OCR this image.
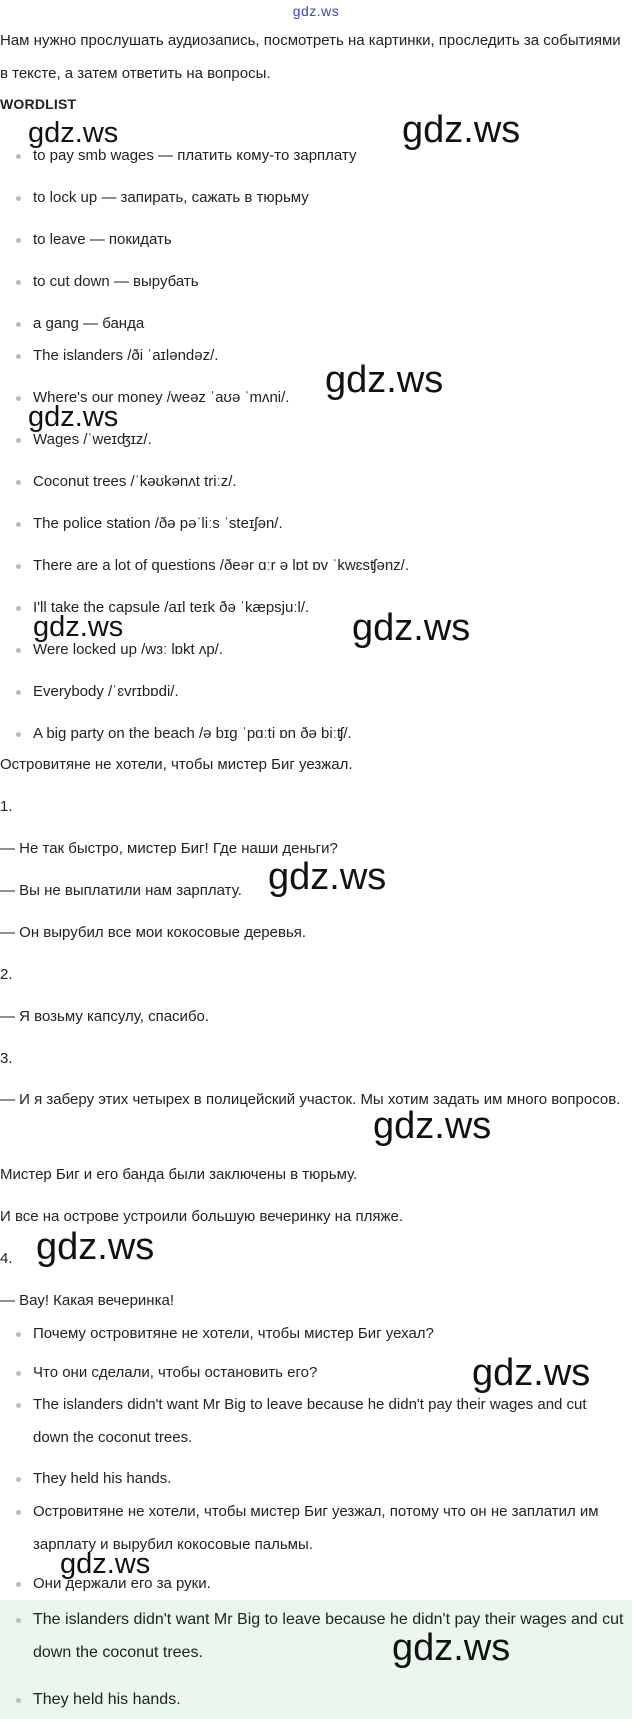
gdz.ws
Нам нужно прослушать аудиозапись, посмотреть на картинки, проследить за событиями в тексте, а затем ответить на вопросы.
WORDLIST
to pay smb wages — платить кому-то зарплату
to lock up — запирать, сажать в тюрьму
to leave — покидать
to cut down — вырубать
a gang — банда
The islanders /ði ˈaɪləndəz/.
Where's our money /weəz ˈaʊə ˈmʌni/.
Wages /ˈweɪʤɪz/.
Coconut trees /ˈkəʊkənʌt triːz/.
The police station /ðə pəˈliːs ˈsteɪʃən/.
There are a lot of questions /ðeər ɑːr ə lɒt ɒv ˈkwɛsʧənz/.
I'll take the capsule /aɪl teɪk ðə ˈkæpsjuːl/.
Were locked up /wɜː lɒkt ʌp/.
Everybody /ˈɛvrɪbɒdi/.
A big party on the beach /ə bɪg ˈpɑːti ɒn ðə biːʧ/.
Островитяне не хотели, чтобы мистер Биг уезжал.
1.
— Не так быстро, мистер Биг! Где наши деньги?
— Вы не выплатили нам зарплату.
— Он вырубил все мои кокосовые деревья.
2.
— Я возьму капсулу, спасибо.
3.
— И я заберу этих четырех в полицейский участок. Мы хотим задать им много вопросов.
Мистер Биг и его банда были заключены в тюрьму.
И все на острове устроили большую вечеринку на пляже.
4.
— Вау! Какая вечеринка!
Почему островитяне не хотели, чтобы мистер Биг уехал?
Что они сделали, чтобы остановить его?
The islanders didn't want Mr Big to leave because he didn't pay their wages and cut down the coconut trees.
They held his hands.
Островитяне не хотели, чтобы мистер Биг уезжал, потому что он не заплатил им зарплату и вырубил кокосовые пальмы.
Они держали его за руки.
The islanders didn't want Mr Big to leave because he didn't pay their wages and cut down the coconut trees.
They held his hands.
gdz.ws	gdz.ws
gdz.ws
gdz.ws
gdz.ws	gdz.ws
gdz.ws
gdz.ws
gdz.ws
gdz.ws
gdz.ws
gdz.ws
